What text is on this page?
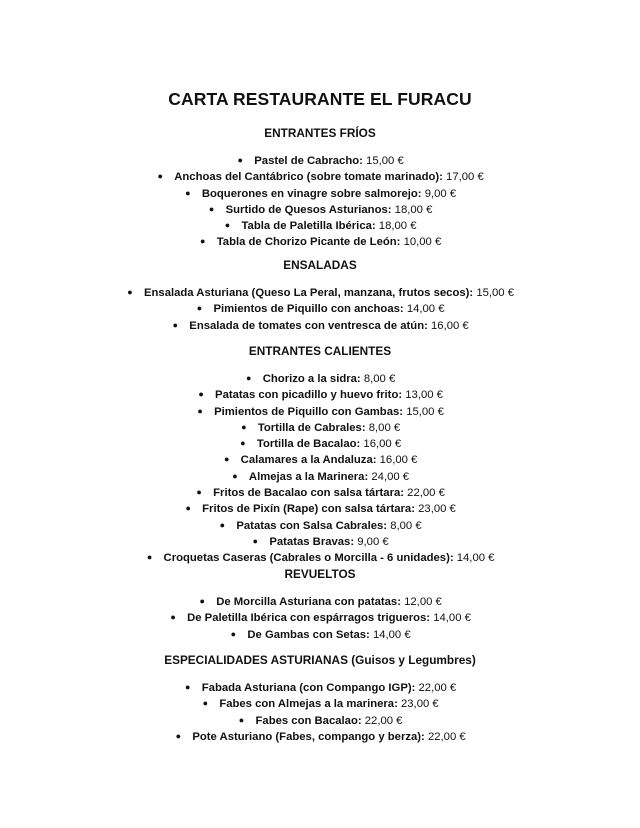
CARTA RESTAURANTE EL FURACU
ENTRANTES FRÍOS
● Pastel de Cabracho: 15,00 €
● Anchoas del Cantábrico (sobre tomate marinado): 17,00 €
● Boquerones en vinagre sobre salmorejo: 9,00 €
● Surtido de Quesos Asturianos: 18,00 €
● Tabla de Paletilla Ibérica: 18,00 €
● Tabla de Chorizo Picante de León: 10,00 €
ENSALADAS
● Ensalada Asturiana (Queso La Peral, manzana, frutos secos): 15,00 €
● Pimientos de Piquillo con anchoas: 14,00 €
● Ensalada de tomates con ventresca de atún: 16,00 €
ENTRANTES CALIENTES
● Chorizo a la sidra: 8,00 €
● Patatas con picadillo y huevo frito: 13,00 €
● Pimientos de Piquillo con Gambas: 15,00 €
● Tortilla de Cabrales: 8,00 €
● Tortilla de Bacalao: 16,00 €
● Calamares a la Andaluza: 16,00 €
● Almejas a la Marinera: 24,00 €
● Fritos de Bacalao con salsa tártara: 22,00 €
● Fritos de Pixín (Rape) con salsa tártara: 23,00 €
● Patatas con Salsa Cabrales: 8,00 €
● Patatas Bravas: 9,00 €
● Croquetas Caseras (Cabrales o Morcilla - 6 unidades): 14,00 €
REVUELTOS
● De Morcilla Asturiana con patatas: 12,00 €
● De Paletilla Ibérica con espárragos trigueros: 14,00 €
● De Gambas con Setas: 14,00 €
ESPECIALIDADES ASTURIANAS (Guisos y Legumbres)
● Fabada Asturiana (con Compango IGP): 22,00 €
● Fabes con Almejas a la marinera: 23,00 €
● Fabes con Bacalao: 22,00 €
● Pote Asturiano (Fabes, compango y berza): 22,00 €
